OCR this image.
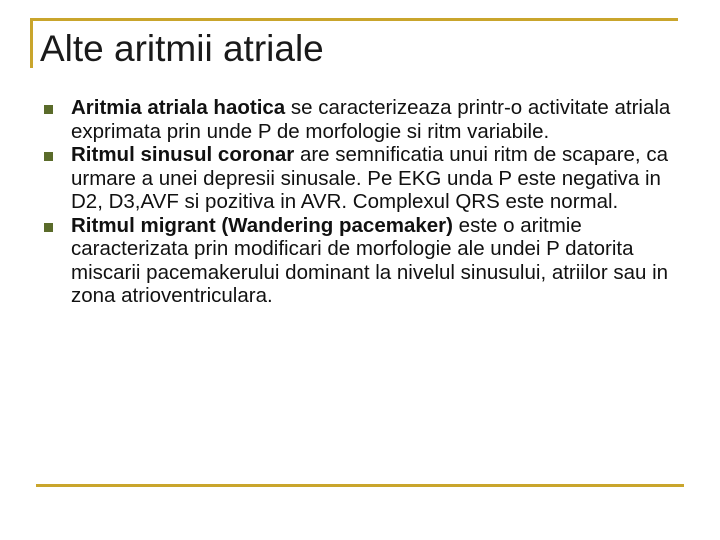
Alte aritmii atriale
Aritmia atriala haotica se caracterizeaza printr-o activitate atriala exprimata prin unde P de morfologie si ritm variabile.
Ritmul sinusul coronar are semnificatia unui ritm de scapare, ca urmare a unei depresii sinusale. Pe EKG unda P este negativa in D2, D3,AVF si pozitiva in AVR. Complexul QRS este normal.
Ritmul migrant (Wandering pacemaker) este o aritmie caracterizata prin modificari de morfologie ale undei P datorita miscarii pacemakerului dominant la nivelul sinusului, atriilor sau in zona atrioventriculara.
